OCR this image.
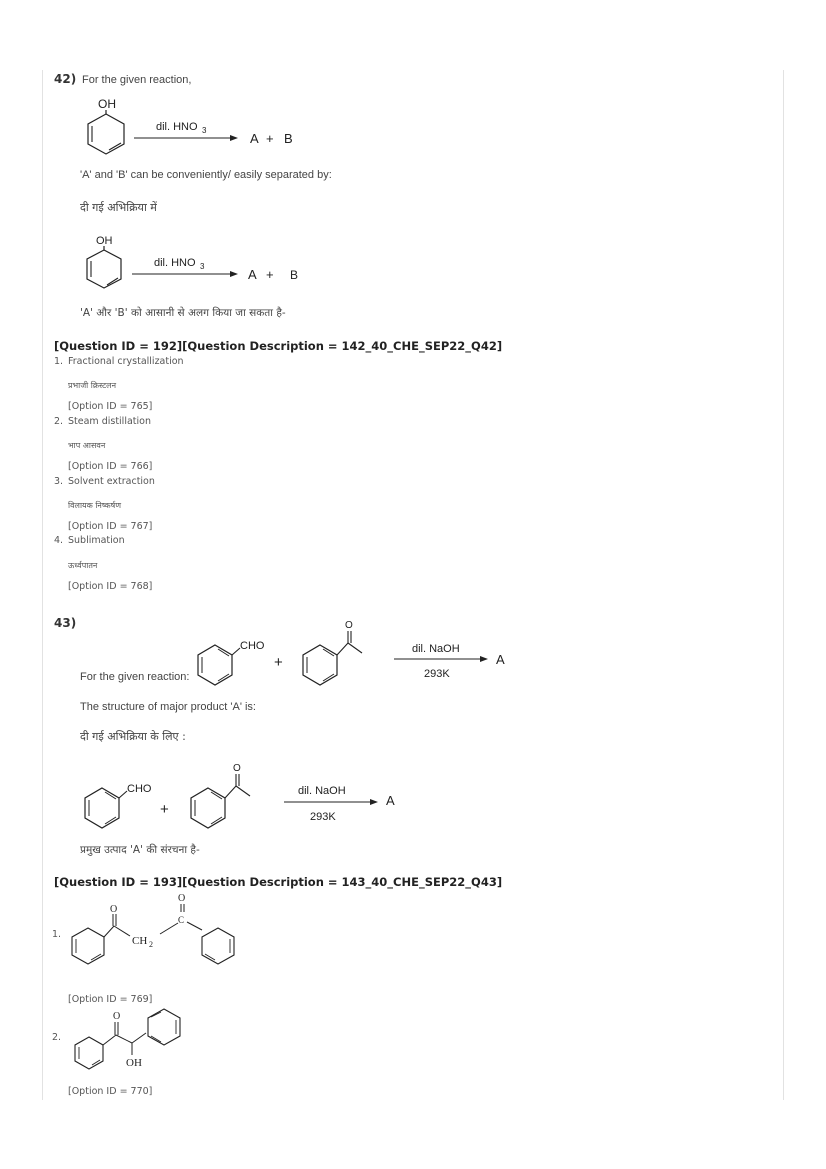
42) For the given reaction,
OH
dil. HNO 3
A + B
'A' and 'B' can be conveniently/ easily separated by:
दी गई अभिक्रिया में
OH
dil. HNO 3
A + B
'A' और 'B' को आसानी से अलग किया जा सकता है-
[Question ID = 192][Question Description = 142_40_CHE_SEP22_Q42]
1. Fractional crystallization
प्रभाजी क्रिस्टलन
[Option ID = 765]
2. Steam distillation
भाप आसवन
[Option ID = 766]
3. Solvent extraction
विलायक निष्कर्षण
[Option ID = 767]
4. Sublimation
ऊर्ध्वपातन
[Option ID = 768]
43)
CHO
+
O
dil. NaOH
293K
A
For the given reaction:
The structure of major product 'A' is:
दी गई अभिक्रिया के लिए :
CHO
+
O
dil. NaOH
293K
A
प्रमुख उत्पाद 'A' की संरचना है-
[Question ID = 193][Question Description = 143_40_CHE_SEP22_Q43]
1.
O
CH 2
C
O
[Option ID = 769]
2.
O
OH
[Option ID = 770]
